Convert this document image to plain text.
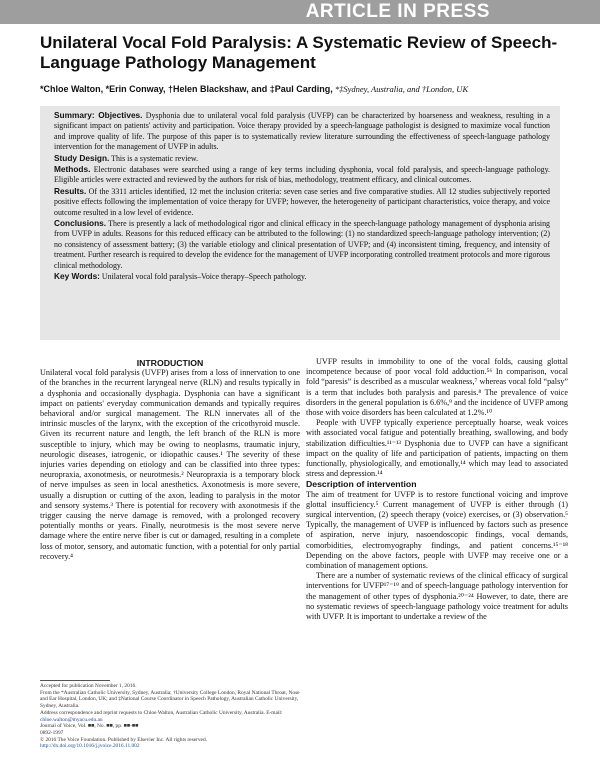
ARTICLE IN PRESS
Unilateral Vocal Fold Paralysis: A Systematic Review of Speech-Language Pathology Management
*Chloe Walton, *Erin Conway, †Helen Blackshaw, and ‡Paul Carding, *‡Sydney, Australia, and †London, UK

Summary: Objectives. Dysphonia due to unilateral vocal fold paralysis (UVFP) can be characterized by hoarseness and weakness, resulting in a significant impact on patients' activity and participation. Voice therapy provided by a speech-language pathologist is designed to maximize vocal function and improve quality of life. The purpose of this paper is to systematically review literature surrounding the effectiveness of speech-language pathology intervention for the management of UVFP in adults.

Study Design. This is a systematic review.

Methods. Electronic databases were searched using a range of key terms including dysphonia, vocal fold paralysis, and speech-language pathology. Eligible articles were extracted and reviewed by the authors for risk of bias, methodology, treatment efficacy, and clinical outcomes.

Results. Of the 3311 articles identified, 12 met the inclusion criteria: seven case series and five comparative studies. All 12 studies subjectively reported positive effects following the implementation of voice therapy for UVFP; however, the heterogeneity of participant characteristics, voice therapy, and voice outcome resulted in a low level of evidence.

Conclusions. There is presently a lack of methodological rigor and clinical efficacy in the speech-language pathology management of dysphonia arising from UVFP in adults. Reasons for this reduced efficacy can be attributed to the following: (1) no standardized speech-language pathology intervention; (2) no consistency of assessment battery; (3) the variable etiology and clinical presentation of UVFP; and (4) inconsistent timing, frequency, and intensity of treatment. Further research is required to develop the evidence for the management of UVFP incorporating controlled treatment protocols and more rigorous clinical methodology.

Key Words: Unilateral vocal fold paralysis–Voice therapy–Speech pathology.

INTRODUCTION

Unilateral vocal fold paralysis (UVFP) arises from a loss of innervation to one of the branches in the recurrent laryngeal nerve (RLN) and results typically in a dysphonia and occasionally dysphagia. Dysphonia can have a significant impact on patients' everyday communication demands and typically requires behavioral and/or surgical management. The RLN innervates all of the intrinsic muscles of the larynx, with the exception of the cricothyroid muscle. Given its recurrent nature and length, the left branch of the RLN is more susceptible to injury, which may be owing to neoplasms, traumatic injury, neurologic diseases, iatrogenic, or idiopathic causes.¹ The severity of these injuries varies depending on etiology and can be classified into three types: neuropraxia, axonotmesis, or neurotmesis.² Neuropraxia is a temporary block of nerve impulses as seen in local anesthetics. Axonotmesis is more severe, usually a disruption or cutting of the axon, leading to paralysis in the motor and sensory systems.³ There is potential for recovery with axonotmesis if the trigger causing the nerve damage is removed, with a prolonged recovery potentially months or years. Finally, neurotmesis is the most severe nerve damage where the entire nerve fiber is cut or damaged, resulting in a complete loss of motor, sensory, and automatic function, with a potential for only partial recovery.⁴

Accepted for publication November 1, 2016.

From the *Australian Catholic University, Sydney, Australia; †University College London, Royal National Throat, Nose and Ear Hospital, London, UK; and ‡National Course Coordinator in Speech Pathology, Australian Catholic University, Sydney, Australia.

Address correspondence and reprint requests to Chloe Walton, Australian Catholic University, Australia. E-mail: chloe.walton@myacu.edu.au

Journal of Voice, Vol. ■■, No. ■■, pp. ■■-■■

0892-1997

© 2016 The Voice Foundation. Published by Elsevier Inc. All rights reserved.

http://dx.doi.org/10.1016/j.jvoice.2016.11.002

UVFP results in immobility to one of the vocal folds, causing glottal incompetence because of poor vocal fold adduction.⁵⁶ In comparison, vocal fold “paresis” is described as a muscular weakness,⁷ whereas vocal fold “palsy” is a term that includes both paralysis and paresis.⁸ The prevalence of voice disorders in the general population is 6.6%,⁹ and the incidence of UVFP among those with voice disorders has been calculated at 1.2%.¹⁰

People with UVFP typically experience perceptually hoarse, weak voices with associated vocal fatigue and potentially breathing, swallowing, and body stabilization difficulties.¹¹⁻¹³ Dysphonia due to UVFP can have a significant impact on the quality of life and participation of patients, impacting on them functionally, physiologically, and emotionally,¹⁴ which may lead to associated stress and depression.¹⁴

Description of intervention

The aim of treatment for UVFP is to restore functional voicing and improve glottal insufficiency.⁵ Current management of UVFP is either through (1) surgical intervention, (2) speech therapy (voice) exercises, or (3) observation.⁵ Typically, the management of UVFP is influenced by factors such as presence of aspiration, nerve injury, nasoendoscopic findings, vocal demands, comorbidities, electromyography findings, and patient concerns.¹⁵⁻¹⁸ Depending on the above factors, people with UVFP may receive one or a combination of management options.

There are a number of systematic reviews of the clinical efficacy of surgical interventions for UVFP¹⁷⁻¹⁹ and of speech-language pathology intervention for the management of other types of dysphonia.²⁰⁻²⁴ However, to date, there are no systematic reviews of speech-language pathology voice treatment for adults with UVFP. It is important to undertake a review of the
